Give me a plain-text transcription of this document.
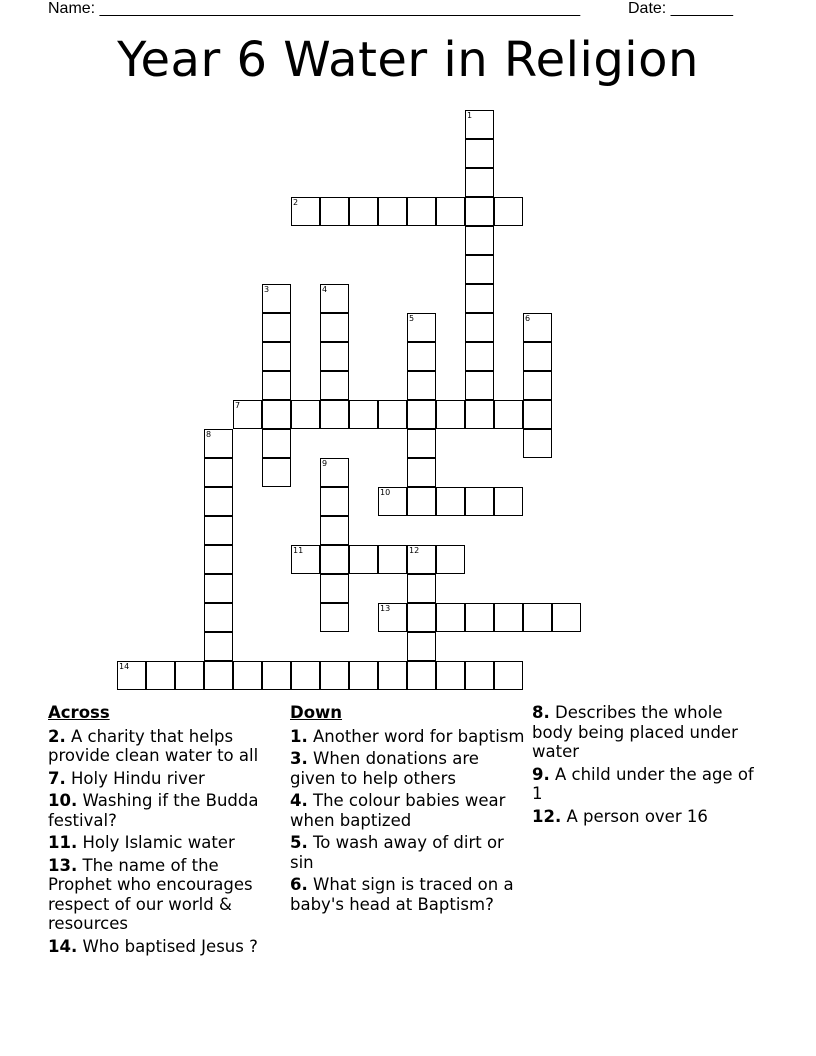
Name: ______________________________________________________	Date: _______
Year 6 Water in Religion
1
2
3	4
5	6
7
8
9
10
11	12
13
14
Across
2. A charity that helps provide clean water to all
7. Holy Hindu river
10. Washing if the Budda festival?
11. Holy Islamic water
13. The name of the Prophet who encourages respect of our world & resources
14. Who baptised Jesus ?
Down
1. Another word for baptism
3. When donations are given to help others
4. The colour babies wear when baptized
5. To wash away of dirt or sin
6. What sign is traced on a baby's head at Baptism?
8. Describes the whole body being placed under water
9. A child under the age of 1
12. A person over 16
